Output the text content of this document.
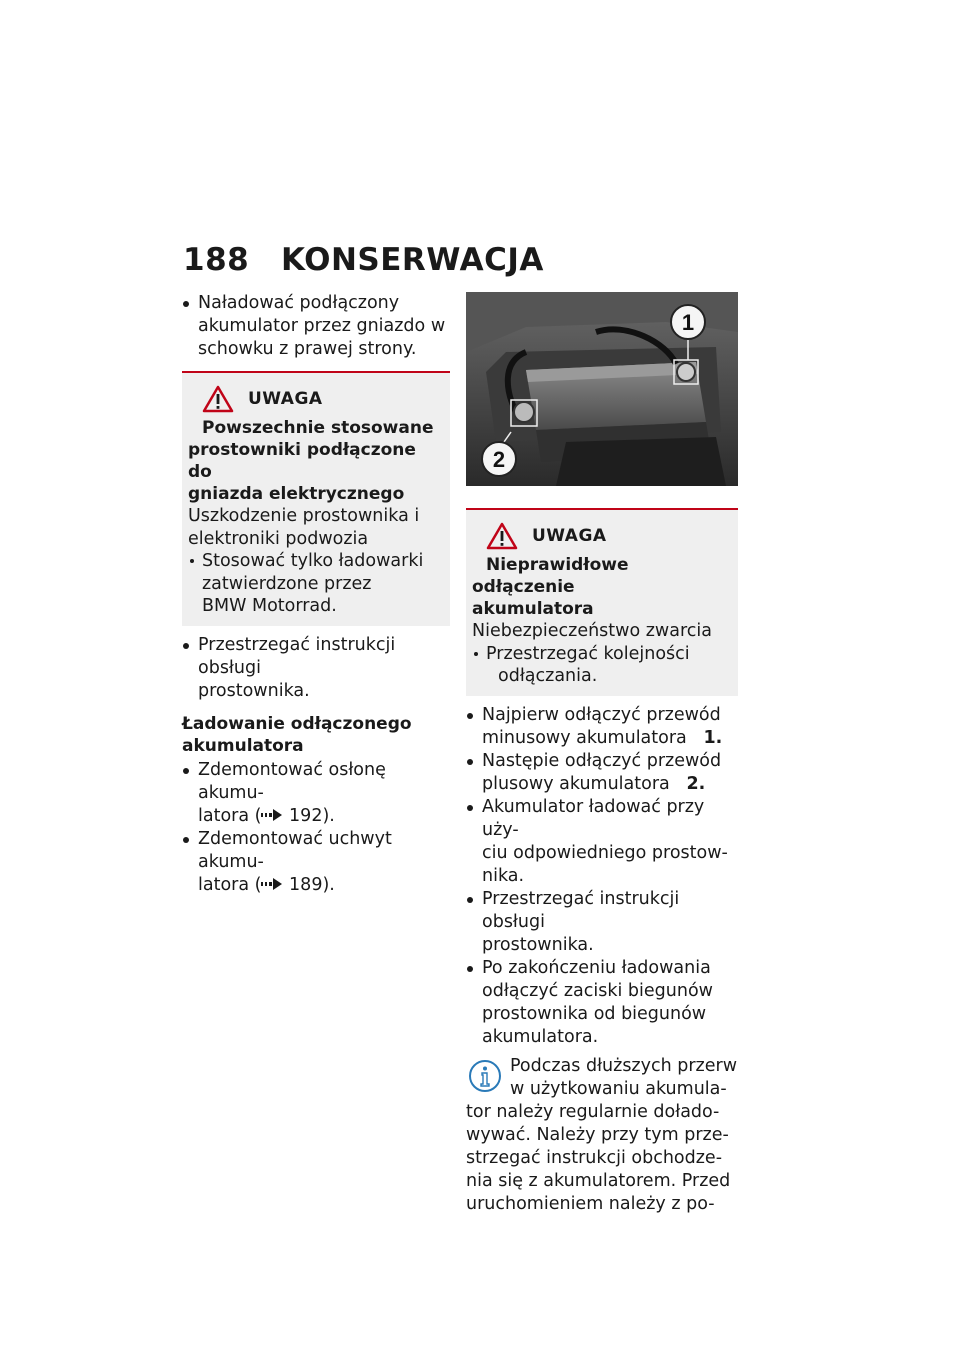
188 KONSERWACJA

Naładować podłączony

akumulator przez gniazdo w

schowku z prawej strony.

UWAGA

Powszechnie stosowane
prostowniki podłączone do
gniazda elektrycznego

Uszkodzenie prostownika i

elektroniki podwozia

Stosować tylko ładowarki

zatwierdzone przez

BMW Motorrad.

Przestrzegać instrukcji obsługi

prostownika.

Ładowanie odłączonego
akumulatora

Zdemontować osłonę akumu-

latora ( 192).

Zdemontować uchwyt akumu-

latora ( 189).

1
2
UWAGA

Nieprawidłowe odłączenie
akumulatora

Niebezpieczeństwo zwarcia

Przestrzegać kolejności

odłączania.

Najpierw odłączyć przewód

minusowy akumulatora 1.

Następie odłączyć przewód

plusowy akumulatora 2.

Akumulator ładować przy uży-

ciu odpowiedniego prostow-

nika.

Przestrzegać instrukcji obsługi

prostownika.

Po zakończeniu ładowania

odłączyć zaciski biegunów

prostownika od biegunów

akumulatora.

Podczas dłuższych przerw

w użytkowaniu akumula-

tor należy regularnie dołado-

wywać. Należy przy tym prze-

strzegać instrukcji obchodze-

nia się z akumulatorem. Przed

uruchomieniem należy z po-
